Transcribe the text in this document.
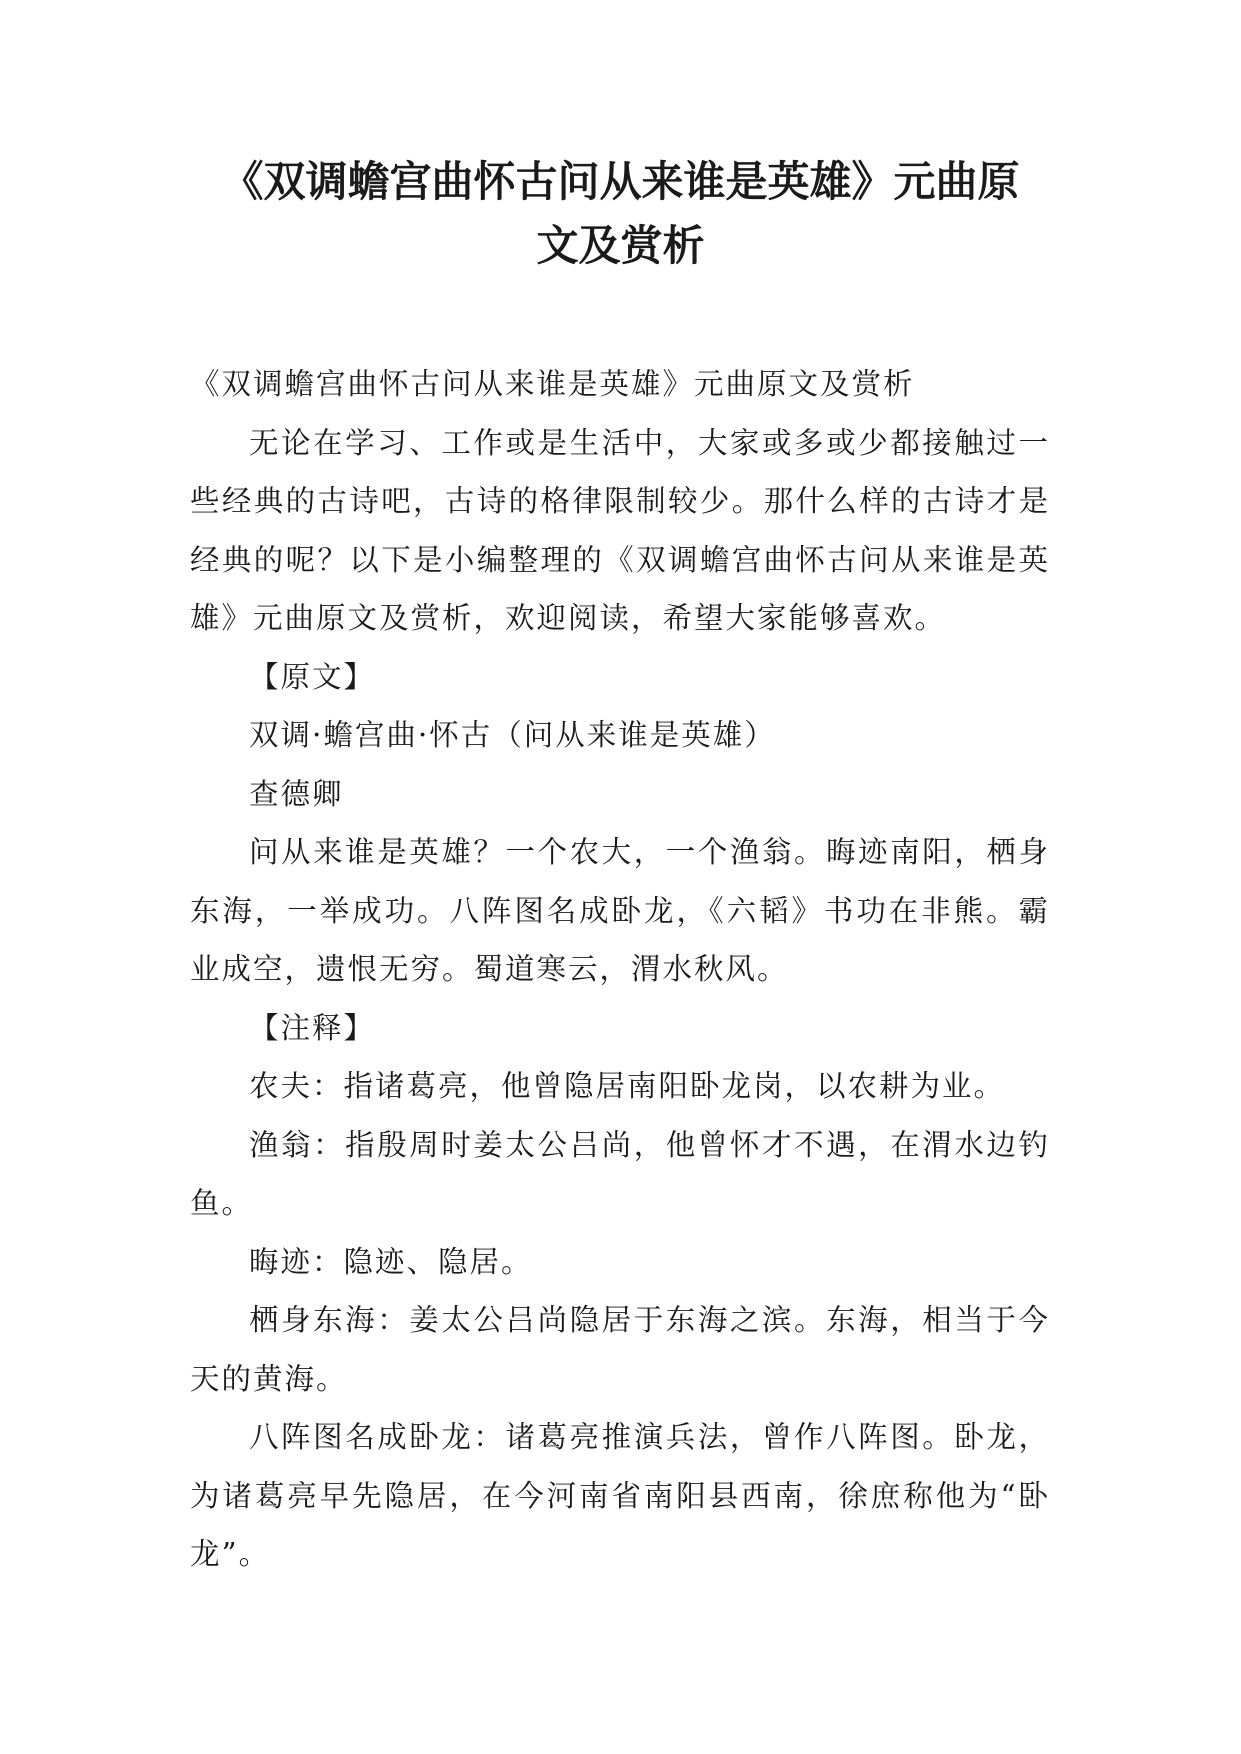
《双调蟾宫曲怀古问从来谁是英雄》元曲原
文及赏析

《双调蟾宫曲怀古问从来谁是英雄》元曲原文及赏析

无论在学习、工作或是生活中，大家或多或少都接触过一些经典的古诗吧，古诗的格律限制较少。那什么样的古诗才是经典的呢？以下是小编整理的《双调蟾宫曲怀古问从来谁是英雄》元曲原文及赏析，欢迎阅读，希望大家能够喜欢。

【原文】

双调·蟾宫曲·怀古（问从来谁是英雄）

查德卿

问从来谁是英雄？一个农大，一个渔翁。晦迹南阳，栖身东海，一举成功。八阵图名成卧龙，《六韬》书功在非熊。霸业成空，遗恨无穷。蜀道寒云，渭水秋风。

【注释】

农夫：指诸葛亮，他曾隐居南阳卧龙岗，以农耕为业。

渔翁：指殷周时姜太公吕尚，他曾怀才不遇，在渭水边钓鱼。

晦迹：隐迹、隐居。

栖身东海：姜太公吕尚隐居于东海之滨。东海，相当于今天的黄海。

八阵图名成卧龙：诸葛亮推演兵法，曾作八阵图。卧龙，为诸葛亮早先隐居，在今河南省南阳县西南，徐庶称他为“卧龙”。
